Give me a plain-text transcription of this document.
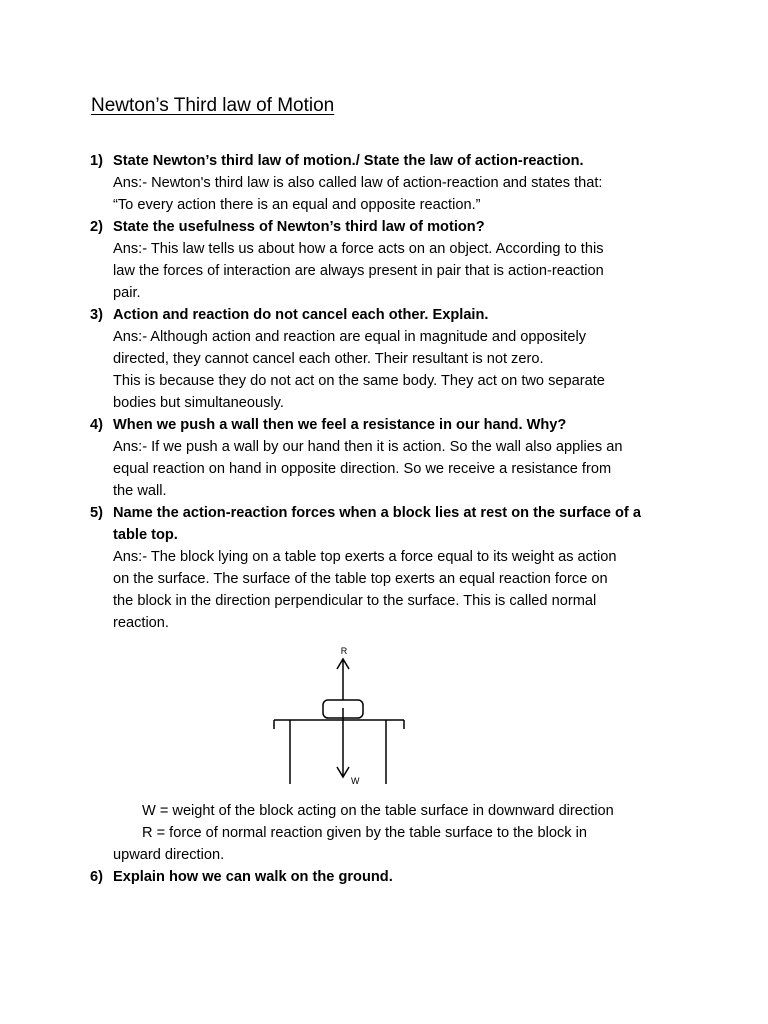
Newton’s Third law of Motion
1) State Newton’s third law of motion./ State the law of action-reaction.
Ans:- Newton's third law is also called law of action-reaction and states that:
“To every action there is an equal and opposite reaction.”
2) State the usefulness of Newton’s third law of motion?
Ans:- This law tells us about how a force acts on an object. According to this
law the forces of interaction are always present in pair that is action-reaction
pair.
3) Action and reaction do not cancel each other. Explain.
Ans:- Although action and reaction are equal in magnitude and oppositely
directed, they cannot cancel each other. Their resultant is not zero.
This is because they do not act on the same body. They act on two separate
bodies but simultaneously.
4) When we push a wall then we feel a resistance in our hand. Why?
Ans:- If we push a wall by our hand then it is action. So the wall also applies an
equal reaction on hand in opposite direction. So we receive a resistance from
the wall.
5) Name the action-reaction forces when a block lies at rest on the surface of a
table top.
Ans:- The block lying on a table top exerts a force equal to its weight as action
on the surface. The surface of the table top exerts an equal reaction force on
the block in the direction perpendicular to the surface. This is called normal
reaction.
R
W
W = weight of the block acting on the table surface in downward direction
R = force of normal reaction given by the table surface to the block in
upward direction.
6) Explain how we can walk on the ground.
